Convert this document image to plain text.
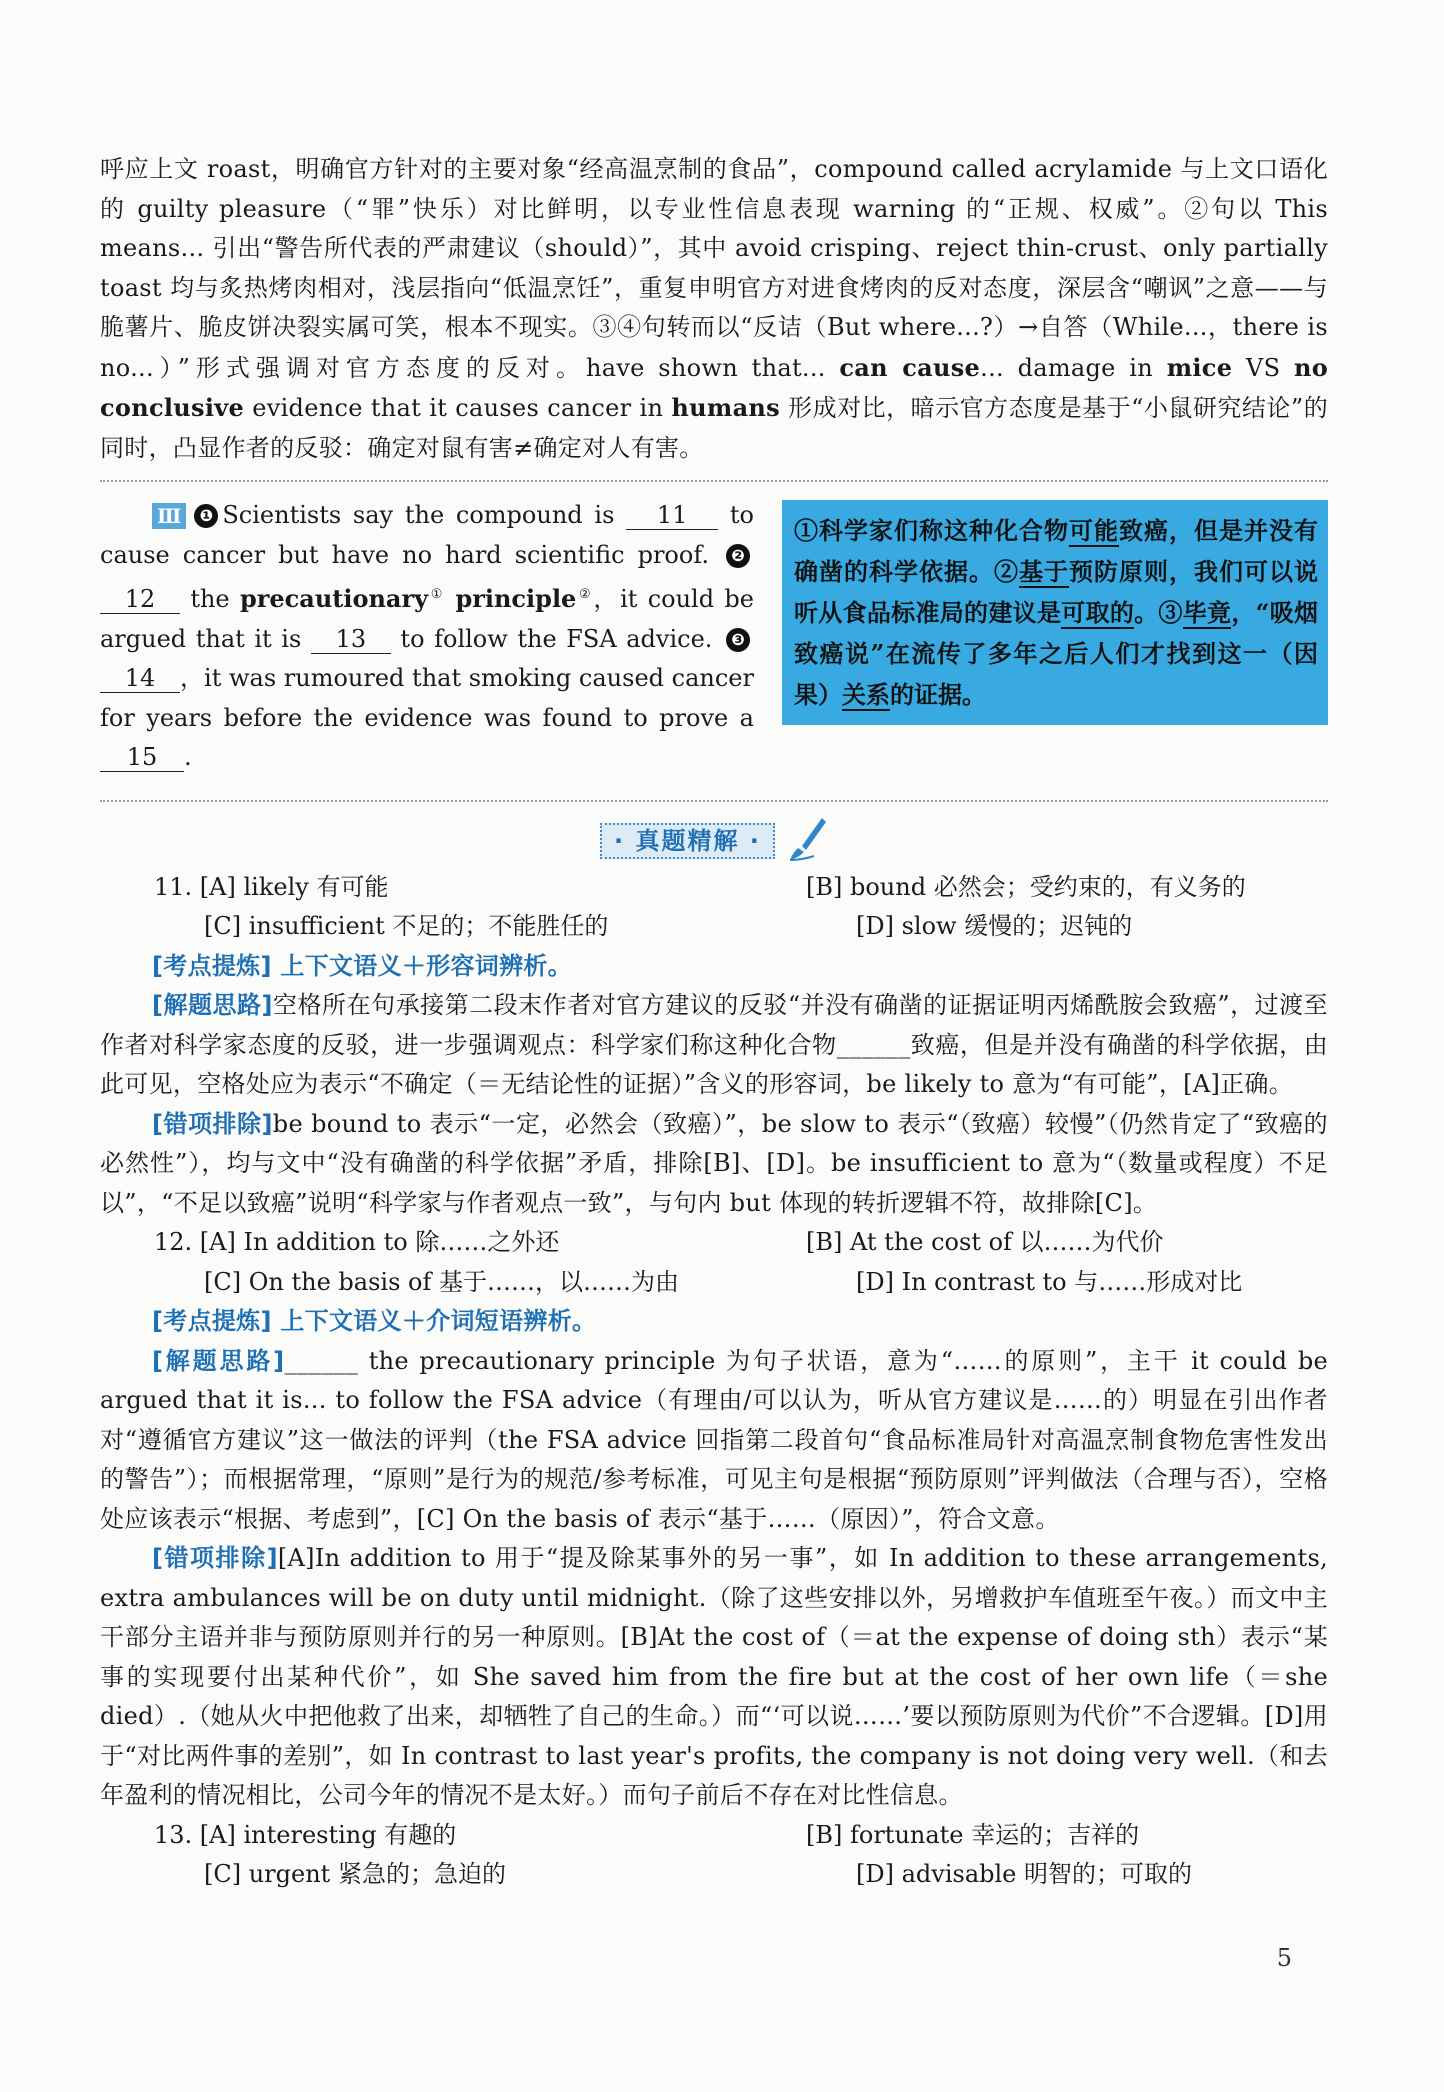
呼应上文 roast，明确官方针对的主要对象“经高温烹制的食品”，compound called acrylamide 与上文口语化的 guilty pleasure（“罪”快乐）对比鲜明，以专业性信息表现 warning 的“正规、权威”。②句以 This means... 引出“警告所代表的严肃建议（should）”，其中 avoid crisping、reject thin-crust、only partially toast 均与炙热烤肉相对，浅层指向“低温烹饪”，重复申明官方对进食烤肉的反对态度，深层含“嘲讽”之意——与脆薯片、脆皮饼决裂实属可笑，根本不现实。③④句转而以“反诘（But where...?）→自答（While...，there is no...）”形式强调对官方态度的反对。have shown that... can cause... damage in mice VS no conclusive evidence that it causes cancer in humans 形成对比，暗示官方态度是基于“小鼠研究结论”的同时，凸显作者的反驳：确定对鼠有害≠确定对人有害。

Ⅲ ❶ Scientists say the compound is 11 to cause cancer but have no hard scientific proof. ❷12 the precautionary① principle②，it could be argued that it is 13 to follow the FSA advice. ❸14 ，it was rumoured that smoking caused cancer for years before the evidence was found to prove a 15 .
①科学家们称这种化合物可能致癌，但是并没有确凿的科学依据。②基于预防原则，我们可以说听从食品标准局的建议是可取的。③毕竟，“吸烟致癌说”在流传了多年之后人们才找到这一（因果）关系的证据。
· 真题精解 ·
11. [A] likely 有可能	[B] bound 必然会；受约束的，有义务的
[C] insufficient 不足的；不能胜任的	[D] slow 缓慢的；迟钝的

[考点提炼] 上下文语义＋形容词辨析。

[解题思路]空格所在句承接第二段末作者对官方建议的反驳“并没有确凿的证据证明丙烯酰胺会致癌”，过渡至作者对科学家态度的反驳，进一步强调观点：科学家们称这种化合物______致癌，但是并没有确凿的科学依据，由此可见，空格处应为表示“不确定（＝无结论性的证据）”含义的形容词，be likely to 意为“有可能”，[A]正确。

[错项排除]be bound to 表示“一定，必然会（致癌）”，be slow to 表示“（致癌）较慢”（仍然肯定了“致癌的必然性”），均与文中“没有确凿的科学依据”矛盾，排除[B]、[D]。be insufficient to 意为“（数量或程度）不足以”，“不足以致癌”说明“科学家与作者观点一致”，与句内 but 体现的转折逻辑不符，故排除[C]。

12. [A] In addition to 除……之外还	[B] At the cost of 以……为代价
[C] On the basis of 基于……，以……为由	[D] In contrast to 与……形成对比

[考点提炼] 上下文语义＋介词短语辨析。

[解题思路]______ the precautionary principle 为句子状语，意为“……的原则”，主干 it could be argued that it is... to follow the FSA advice（有理由/可以认为，听从官方建议是……的）明显在引出作者对“遵循官方建议”这一做法的评判（the FSA advice 回指第二段首句“食品标准局针对高温烹制食物危害性发出的警告”）；而根据常理，“原则”是行为的规范/参考标准，可见主句是根据“预防原则”评判做法（合理与否），空格处应该表示“根据、考虑到”，[C] On the basis of 表示“基于……（原因）”，符合文意。

[错项排除][A]In addition to 用于“提及除某事外的另一事”，如 In addition to these arrangements, extra ambulances will be on duty until midnight.（除了这些安排以外，另增救护车值班至午夜。）而文中主干部分主语并非与预防原则并行的另一种原则。[B]At the cost of（＝at the expense of doing sth）表示“某事的实现要付出某种代价”，如 She saved him from the fire but at the cost of her own life（＝she died）.（她从火中把他救了出来，却牺牲了自己的生命。）而“‘可以说……’要以预防原则为代价”不合逻辑。[D]用于“对比两件事的差别”，如 In contrast to last year's profits, the company is not doing very well.（和去年盈利的情况相比，公司今年的情况不是太好。）而句子前后不存在对比性信息。

13. [A] interesting 有趣的	[B] fortunate 幸运的；吉祥的
[C] urgent 紧急的；急迫的	[D] advisable 明智的；可取的
5
